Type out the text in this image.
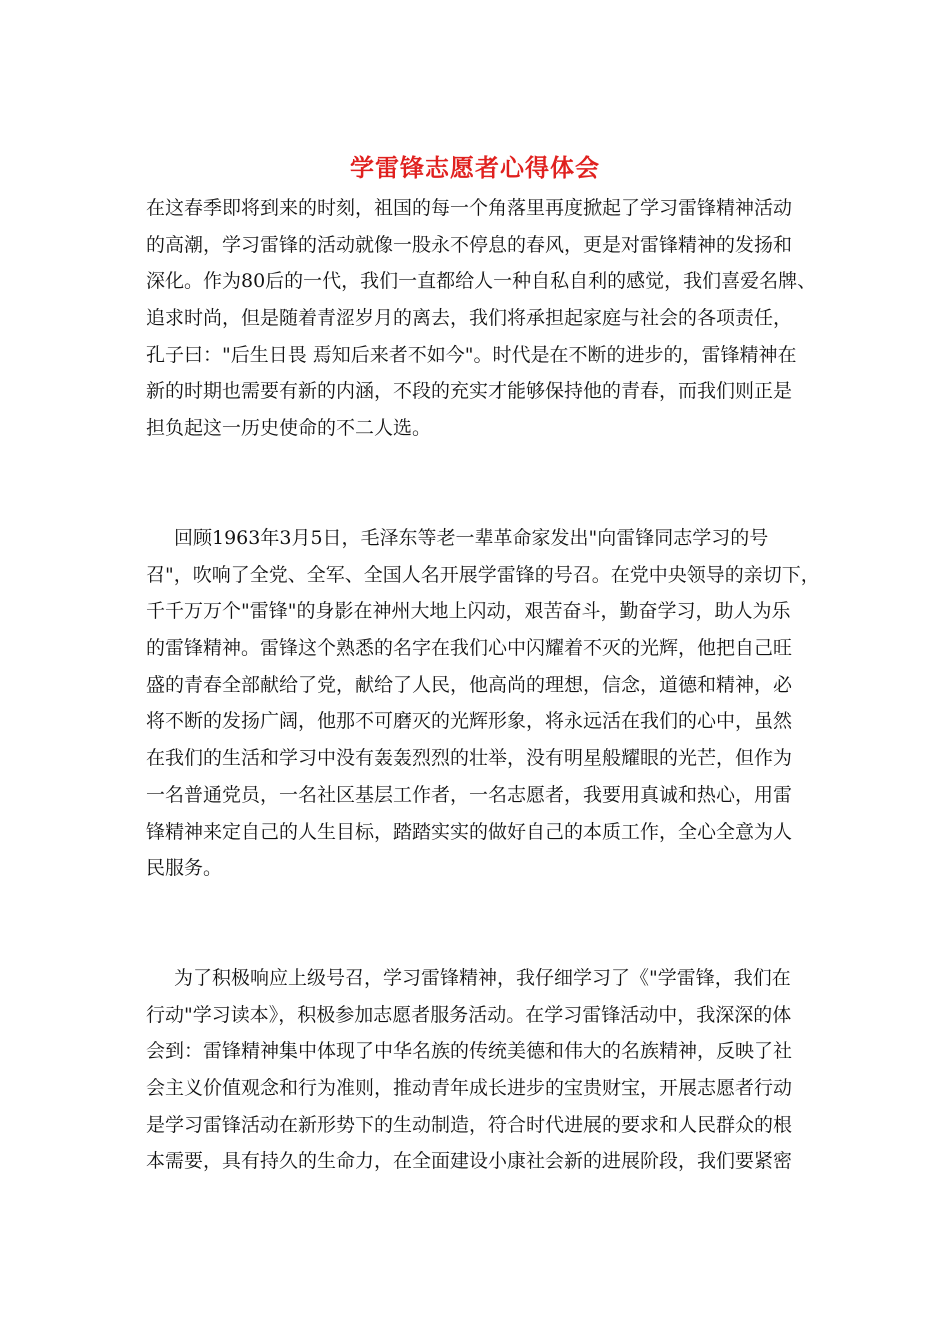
学雷锋志愿者心得体会
在这春季即将到来的时刻，祖国的每一个角落里再度掀起了学习雷锋精神活动
的高潮，学习雷锋的活动就像一股永不停息的春风，更是对雷锋精神的发扬和
深化。作为80后的一代，我们一直都给人一种自私自利的感觉，我们喜爱名牌、
追求时尚，但是随着青涩岁月的离去，我们将承担起家庭与社会的各项责任，
孔子曰："后生日畏 焉知后来者不如今"。时代是在不断的进步的，雷锋精神在
新的时期也需要有新的内涵，不段的充实才能够保持他的青春，而我们则正是
担负起这一历史使命的不二人选。
回顾1963年3月5日，毛泽东等老一辈革命家发出"向雷锋同志学习的号
召"，吹响了全党、全军、全国人名开展学雷锋的号召。在党中央领导的亲切下，
千千万万个"雷锋"的身影在神州大地上闪动，艰苦奋斗，勤奋学习，助人为乐
的雷锋精神。雷锋这个熟悉的名字在我们心中闪耀着不灭的光辉，他把自己旺
盛的青春全部献给了党，献给了人民，他高尚的理想，信念，道德和精神，必
将不断的发扬广阔，他那不可磨灭的光辉形象，将永远活在我们的心中，虽然
在我们的生活和学习中没有轰轰烈烈的壮举，没有明星般耀眼的光芒，但作为
一名普通党员，一名社区基层工作者，一名志愿者，我要用真诚和热心，用雷
锋精神来定自己的人生目标，踏踏实实的做好自己的本质工作，全心全意为人
民服务。
为了积极响应上级号召，学习雷锋精神，我仔细学习了《"学雷锋，我们在
行动"学习读本》，积极参加志愿者服务活动。在学习雷锋活动中，我深深的体
会到：雷锋精神集中体现了中华名族的传统美德和伟大的名族精神，反映了社
会主义价值观念和行为准则，推动青年成长进步的宝贵财宝，开展志愿者行动
是学习雷锋活动在新形势下的生动制造，符合时代进展的要求和人民群众的根
本需要，具有持久的生命力，在全面建设小康社会新的进展阶段，我们要紧密
